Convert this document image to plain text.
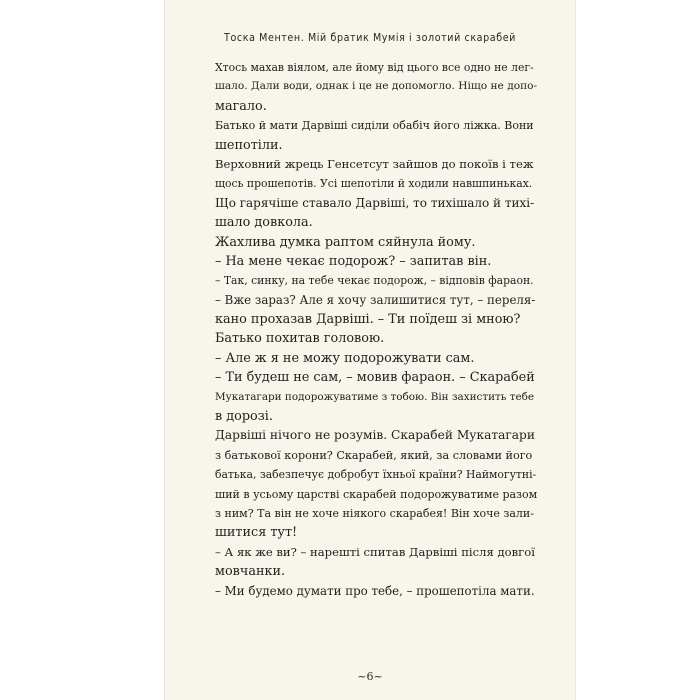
Тоска Ментен. Мій братик Мумія і золотий скарабей
Хтось махав віялом, але йому від цього все одно не лег-
шало. Дали води, однак і це не допомогло. Ніщо не допо-
магало.
Батько й мати Дарвіші сиділи обабіч його ліжка. Вони
шепотіли.
Верховний жрець Генсетсут зайшов до покоїв і теж
щось прошепотів. Усі шепотіли й ходили навшпиньках.
Що гарячіше ставало Дарвіші, то тихішало й тихі-
шало довкола.
Жахлива думка раптом сяйнула йому.
– На мене чекає подорож? – запитав він.
– Так, синку, на тебе чекає подорож, – відповів фараон.
– Вже зараз? Але я хочу залишитися тут, – переля-
кано прохазав Дарвіші. – Ти поїдеш зі мною?
Батько похитав головою.
– Але ж я не можу подорожувати сам.
– Ти будеш не сам, – мовив фараон. – Скарабей
Мукатагари подорожуватиме з тобою. Він захистить тебе
в дорозі.
Дарвіші нічого не розумів. Скарабей Мукатагари
з батькової корони? Скарабей, який, за словами його
батька, забезпечує добробут їхньої країни? Наймогутні-
ший в усьому царстві скарабей подорожуватиме разом
з ним? Та він не хоче ніякого скарабея! Він хоче зали-
шитися тут!
– А як же ви? – нарешті спитав Дарвіші після довгої
мовчанки.
– Ми будемо думати про тебе, – прошепотіла мати.
~6~
